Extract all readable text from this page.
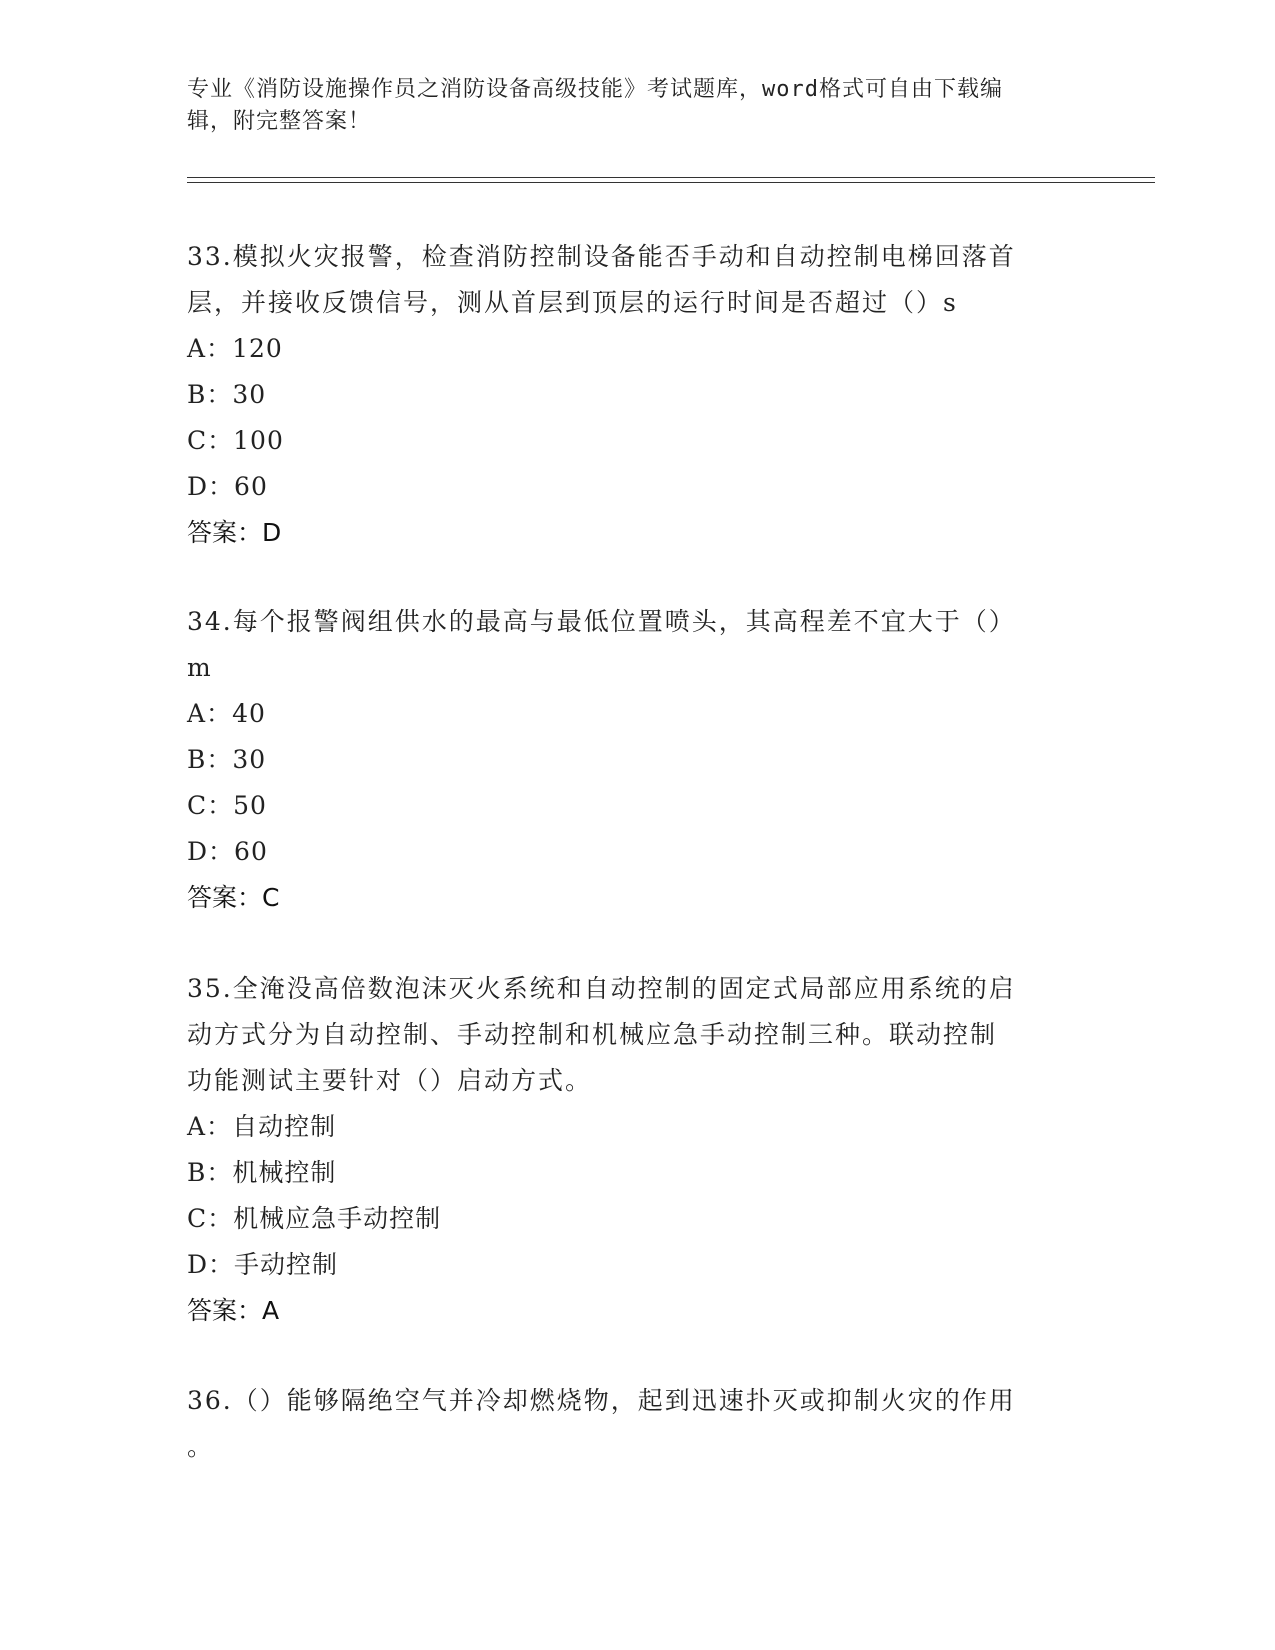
专业《消防设施操作员之消防设备高级技能》考试题库，word格式可自由下载编
辑，附完整答案！
33.模拟火灾报警，检查消防控制设备能否手动和自动控制电梯回落首
层，并接收反馈信号，测从首层到顶层的运行时间是否超过（）s
A：120
B：30
C：100
D：60
答案：D
34.每个报警阀组供水的最高与最低位置喷头，其高程差不宜大于（）
m
A：40
B：30
C：50
D：60
答案：C
35.全淹没高倍数泡沫灭火系统和自动控制的固定式局部应用系统的启
动方式分为自动控制、手动控制和机械应急手动控制三种。联动控制
功能测试主要针对（）启动方式。
A：自动控制
B：机械控制
C：机械应急手动控制
D：手动控制
答案：A
36.（）能够隔绝空气并冷却燃烧物，起到迅速扑灭或抑制火灾的作用
。
